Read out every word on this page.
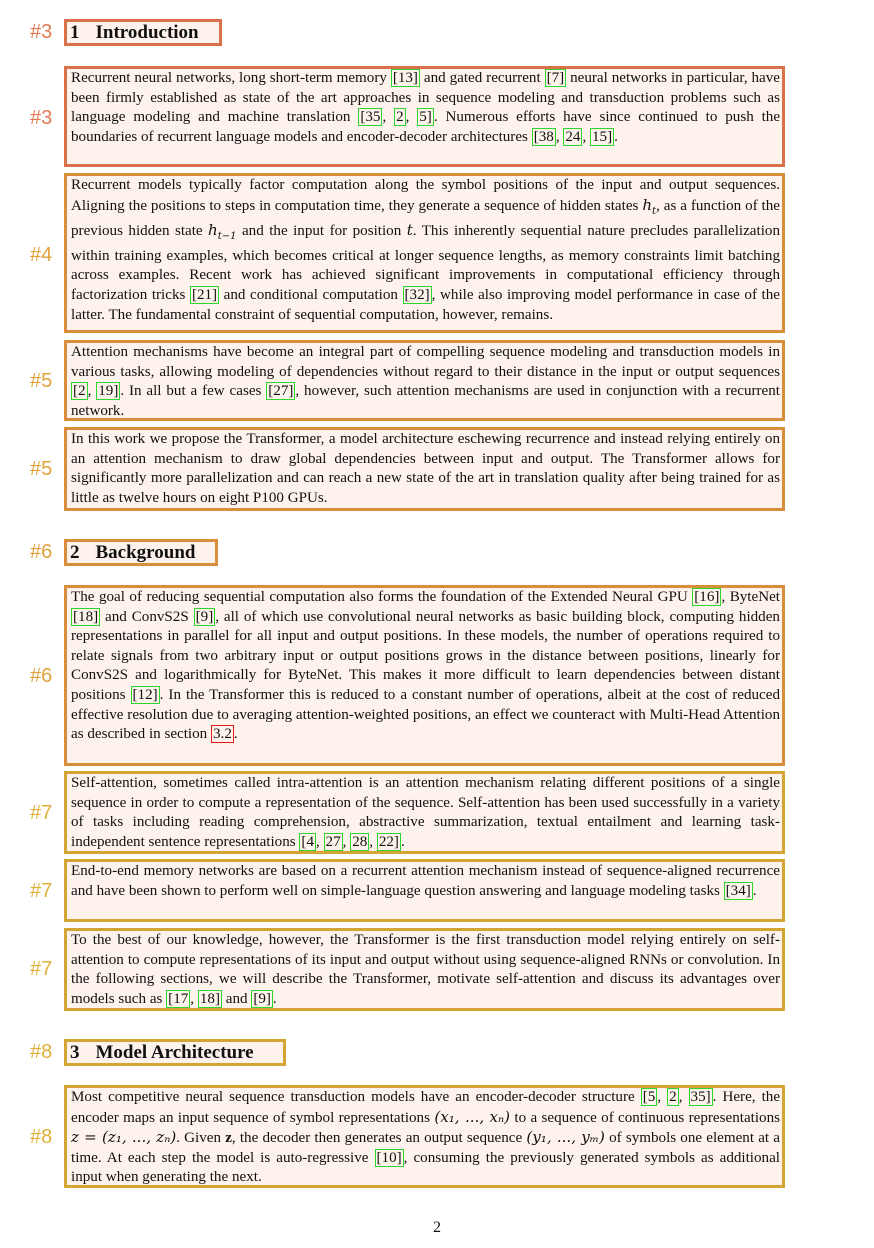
#3
#3
#4
#5
#5
#6
#6
#7
#7
#7
#8
#8
1 Introduction
Recurrent neural networks, long short-term memory [13] and gated recurrent [7] neural networks in particular, have been firmly established as state of the art approaches in sequence modeling and transduction problems such as language modeling and machine translation [35 , 2 , 5] . Numerous efforts have since continued to push the boundaries of recurrent language models and encoder-decoder architectures [38 , 24 , 15] .
Recurrent models typically factor computation along the symbol positions of the input and output sequences. Aligning the positions to steps in computation time, they generate a sequence of hidden states $h_t$, as a function of the previous hidden state $h_{t-1}$ and the input for position t. This inherently sequential nature precludes parallelization within training examples, which becomes critical at longer sequence lengths, as memory constraints limit batching across examples. Recent work has achieved significant improvements in computational efficiency through factorization tricks [21] and conditional computation [32] , while also improving model performance in case of the latter. The fundamental constraint of sequential computation, however, remains.
Attention mechanisms have become an integral part of compelling sequence modeling and transduction models in various tasks, allowing modeling of dependencies without regard to their distance in the input or output sequences [2 , 19] . In all but a few cases [27] , however, such attention mechanisms are used in conjunction with a recurrent network.
In this work we propose the Transformer, a model architecture eschewing recurrence and instead relying entirely on an attention mechanism to draw global dependencies between input and output. The Transformer allows for significantly more parallelization and can reach a new state of the art in translation quality after being trained for as little as twelve hours on eight P100 GPUs.
2 Background
The goal of reducing sequential computation also forms the foundation of the Extended Neural GPU [16] , ByteNet [18] and ConvS2S [9] , all of which use convolutional neural networks as basic building block, computing hidden representations in parallel for all input and output positions. In these models, the number of operations required to relate signals from two arbitrary input or output positions grows in the distance between positions, linearly for ConvS2S and logarithmically for ByteNet. This makes it more difficult to learn dependencies between distant positions [12] . In the Transformer this is reduced to a constant number of operations, albeit at the cost of reduced effective resolution due to averaging attention-weighted positions, an effect we counteract with Multi-Head Attention as described in section 3.2 .
Self-attention, sometimes called intra-attention is an attention mechanism relating different positions of a single sequence in order to compute a representation of the sequence. Self-attention has been used successfully in a variety of tasks including reading comprehension, abstractive summarization, textual entailment and learning task-independent sentence representations [4 , 27 , 28 , 22] .
End-to-end memory networks are based on a recurrent attention mechanism instead of sequence-aligned recurrence and have been shown to perform well on simple-language question answering and language modeling tasks [34] .
To the best of our knowledge, however, the Transformer is the first transduction model relying entirely on self-attention to compute representations of its input and output without using sequence-aligned RNNs or convolution. In the following sections, we will describe the Transformer, motivate self-attention and discuss its advantages over models such as [17 , 18] and [9] .
3 Model Architecture
Most competitive neural sequence transduction models have an encoder-decoder structure [5 , 2 , 35] . Here, the encoder maps an input sequence of symbol representations (x₁, ..., xₙ) to a sequence of continuous representations z = (z₁, ..., zₙ). Given z, the decoder then generates an output sequence (y₁, ..., yₘ) of symbols one element at a time. At each step the model is auto-regressive [10] , consuming the previously generated symbols as additional input when generating the next.
2
